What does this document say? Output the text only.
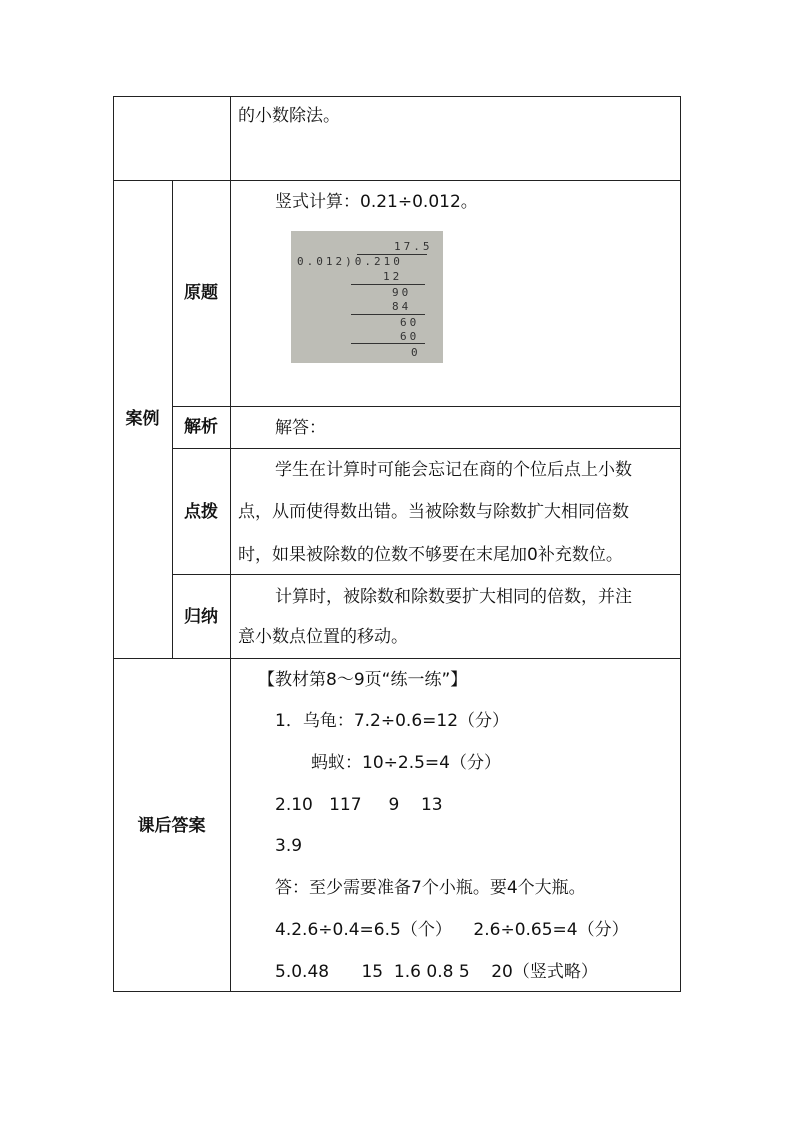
的小数除法。
案例
原题
竖式计算：0.21÷0.012。
17.5
0.012)0.210
12
90
84
60
60
0
解析	解答：
点拨
学生在计算时可能会忘记在商的个位后点上小数
点，从而使得数出错。当被除数与除数扩大相同倍数
时，如果被除数的位数不够要在末尾加0补充数位。
归纳
计算时，被除数和除数要扩大相同的倍数，并注
意小数点位置的移动。
课后答案
【教材第8～9页“练一练”】
1．乌龟：7.2÷0.6=12（分）
蚂蚁：10÷2.5=4（分）
2.10   117     9    13
3.9
答：至少需要准备7个小瓶。要4个大瓶。
4.2.6÷0.4=6.5（个）    2.6÷0.65=4（分）
5.0.48      15  1.6 0.8 5    20（竖式略）
